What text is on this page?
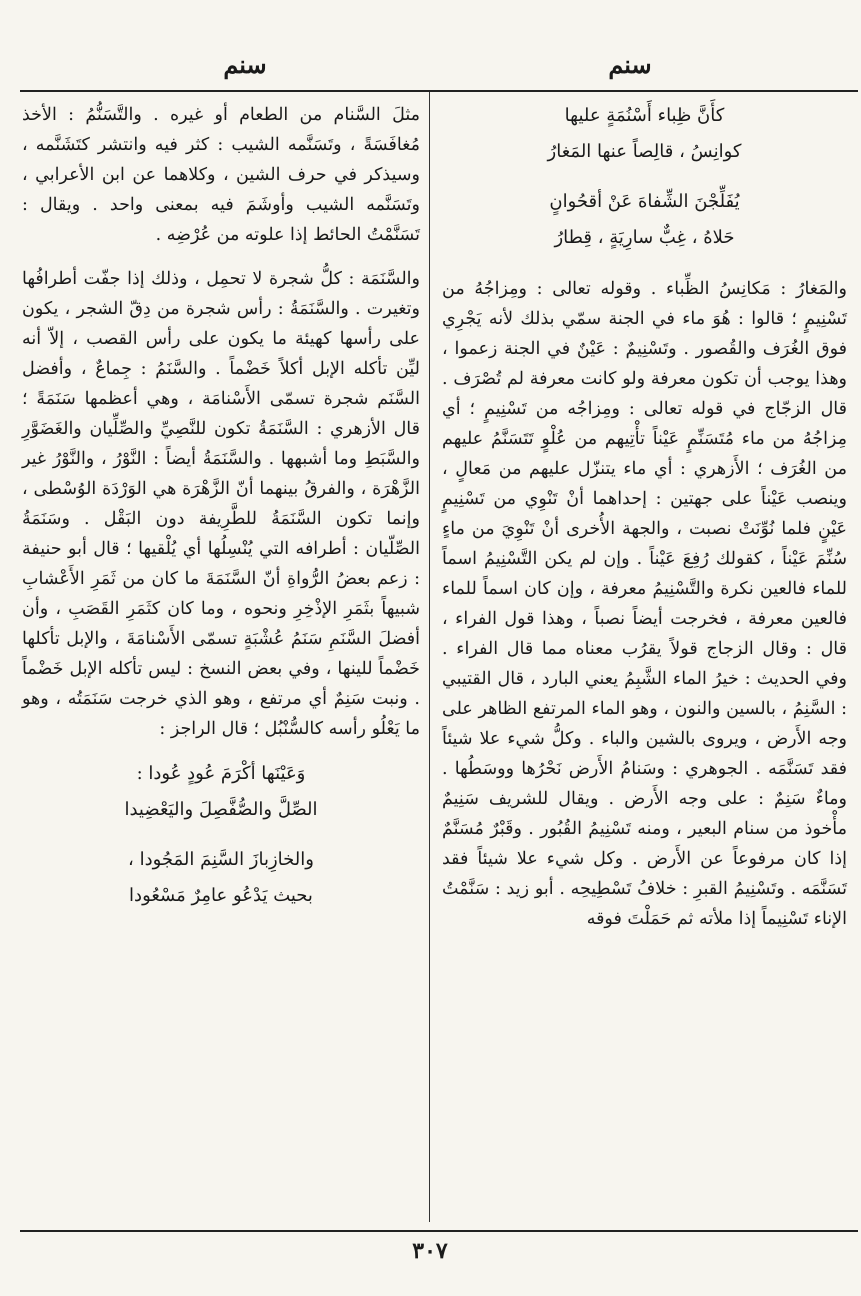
سنم	سنم
كأَنَّ ظِباء أَسْنُمَةٍ عليها
كوانِسُ ، قالِصاً عنها المَغارُ
يُفَلِّجْنَ الشِّفاهَ عَنْ أقحُوانٍ
حَلاهُ ، غِبٌّ سارِيَةٍ ، قِطارُ

والمَغارُ : مَكانِسُ الظِّباء . وقوله تعالى : ومِزاجُهُ من تَسْنِيمٍ ؛ قالوا : هُوَ ماء في الجنة سمّي بذلك لأنه يَجْرِي فوق الغُرَف والقُصور . وتَسْنِيمٌ : عَيْنٌ في الجنة زعموا ، وهذا يوجب أن تكون معرفة ولو كانت معرفة لم تُصْرَف . قال الزجّاج في قوله تعالى : ومِزاجُه من تَسْنِيمٍ ؛ أي مِزاجُهُ من ماء مُتَسَنِّمٍ عَيْناً تأْتِيهم من عُلْوٍ تَتَسَنَّمُ عليهم من الغُرَف ؛ الأَزهري : أي ماء يتنزّل عليهم من مَعالٍ ، وينصب عَيْناً على جهتين : إحداهما أنْ تَنْوِي من تَسْنِيمٍ عَيْنٍ فلما نُوِّنَتْ نصبت ، والجهة الأُخرى أنْ تَنْوِيَ من ماءٍ سُنِّمَ عَيْناً ، كقولك رُفِعَ عَيْناً . وإن لم يكن التَّسْنِيمُ اسماً للماء فالعين نكرة والتَّسْنِيمُ معرفة ، وإن كان اسماً للماء فالعين معرفة ، فخرجت أيضاً نصباً ، وهذا قول الفراء ، قال : وقال الزجاج قولاً يقرُب معناه مما قال الفراء . وفي الحديث : خيرُ الماء الشَّبِمُ يعني البارد ، قال القتيبي : السَّنِمُ ، بالسين والنون ، وهو الماء المرتفع الظاهر على وجه الأَرض ، ويروى بالشين والباء . وكلُّ شيء علا شيئاً فقد تَسَنَّمَه . الجوهري : وسَنامُ الأَرض نَحْرُها ووسَطُها . وماءٌ سَنِمٌ : على وجه الأَرض . ويقال للشريف سَنِيمٌ مأْخوذ من سنام البعير ، ومنه تَسْنِيمُ القُبُور . وقَبْرٌ مُسَنَّمٌ إذا كان مرفوعاً عن الأَرض . وكل شيء علا شيئاً فقد تَسَنَّمَه . وتَسْنِيمُ القبرِ : خلافُ تَسْطِيحِه . أبو زيد : سَنَّمْتُ الإناء تَسْنِيماً إذا ملأته ثم حَمَلْتَ فوقه

مثلَ السَّنام من الطعام أو غيره . والتَّسَنُّمُ : الأخذ مُغافَسَةً ، وتَسَنَّمه الشيب : كثر فيه وانتشر كتَشَنَّمه ، وسيذكر في حرف الشين ، وكلاهما عن ابن الأعرابي ، وتَسَنَّمه الشيب وأوشَمَ فيه بمعنى واحد . ويقال : تَسَنَّمْتُ الحائط إذا علوته من عُرْضِه .

والسَّنَمَة : كلُّ شجرة لا تحمِل ، وذلك إذا جفّت أطرافُها وتغيرت . والسَّنَمَةُ : رأس شجرة من دِقّ الشجر ، يكون على رأسها كهيئة ما يكون على رأس القصب ، إلاّ أنه ليِّن تأكله الإبل أكلاً خَضْماً . والسَّنَمُ : جِماعٌ ، وأفضل السَّنَم شجرة تسمّى الأَسْنامَة ، وهي أعظمها سَنَمَةً ؛ قال الأزهري : السَّنَمَةُ تكون للنَّصِيِّ والصِّلِّيان والغَضَوَّرِ والسَّبَطِ وما أشبهها . والسَّنَمَةُ أيضاً : النَّوْرُ ، والنَّوْرُ غير الزَّهْرَة ، والفرقُ بينهما أنّ الزَّهْرَة هي الوَرْدَة الوُسْطى ، وإنما تكون السَّنَمَةُ للطَّرِيفة دون البَقْل . وسَنَمَةُ الصِّلّيان : أطرافه التي يُنْسِلُها أي يُلْقيها ؛ قال أبو حنيفة : زعم بعضُ الرُّواةِ أنّ السَّنَمَةَ ما كان من ثَمَرِ الأَعْشابِ شبيهاً بثَمَرِ الإذْخِرِ ونحوه ، وما كان كثَمَرِ القَصَبِ ، وأن أفضلَ السَّنَمِ سَنَمُ عُشْبَةٍ تسمّى الأَسْنامَةَ ، والإبل تأكلها خَضْماً للينها ، وفي بعض النسخ : ليس تأكله الإبل خَضْماً . ونبت سَنِمٌ أي مرتفع ، وهو الذي خرجت سَنَمَتُه ، وهو ما يَعْلُو رأسه كالسُّنْبُل ؛ قال الراجز :

وَعَيْنَها أكْرَمَ عُودٍ عُودا :
الصِّلَّ والصُّفَّصِلَ واليَعْضِيدا
والخازِبازَ السَّنِمَ المَجُودا ،
بحيث يَدْعُو عامِرٌ مَسْعُودا
٣٠٧
